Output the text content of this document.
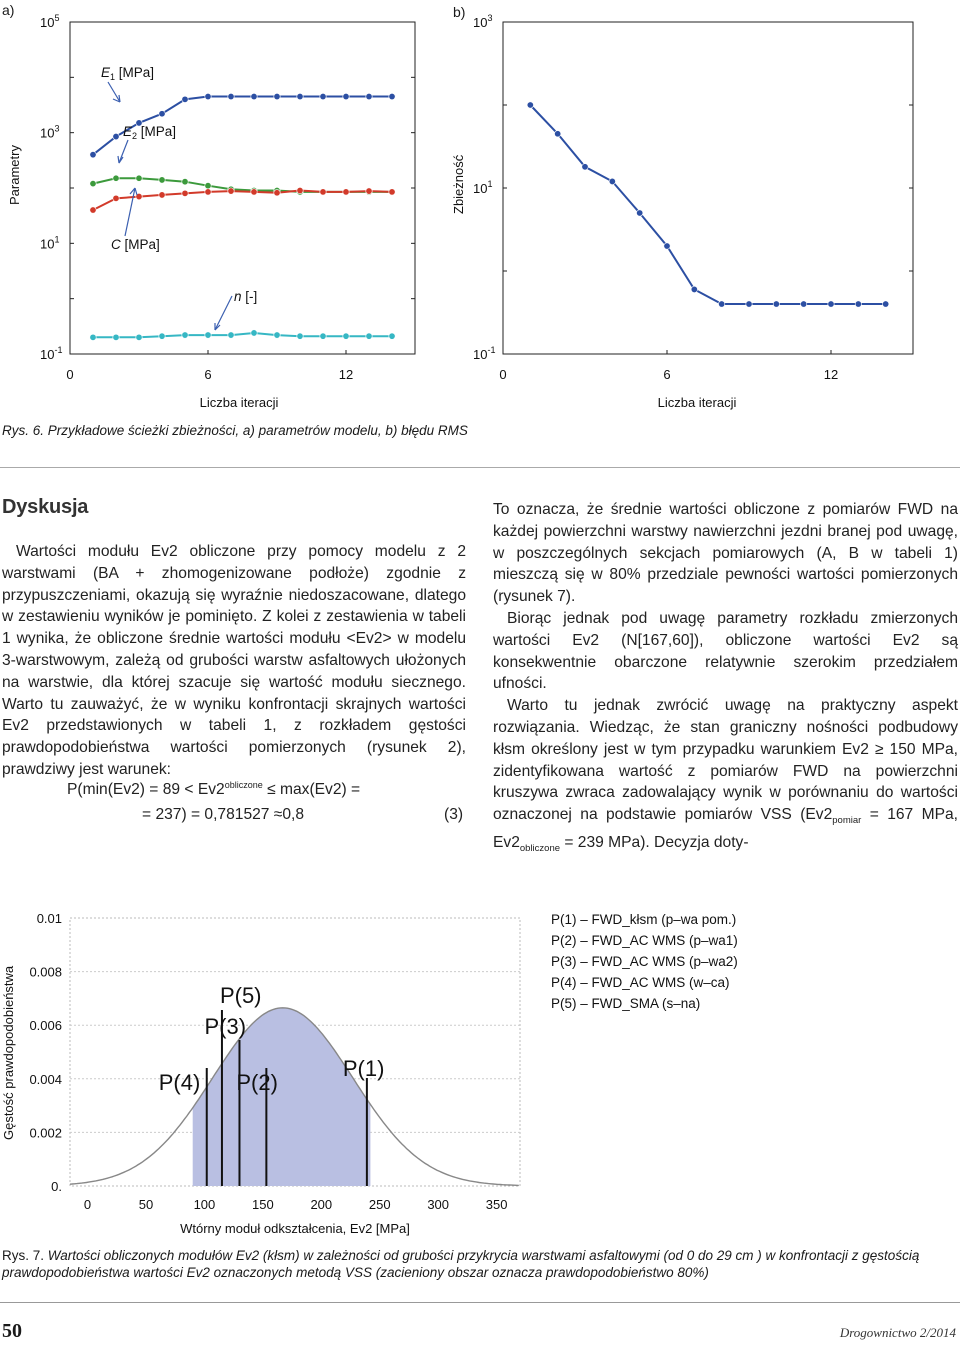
a)	b)
$10^5$
$10^3$
$10^1$
$10^{-1}$
0	6	12
$E_1$ [MPa]
$E_2$ [MPa]
C [MPa]
n [-]
Parametry
Liczba iteracji
$10^3$
$10^1$
$10^{-1}$
0	6	12
Zbieżność
Liczba iteracji
Rys. 6. Przykładowe ścieżki zbieżności, a) parametrów modelu, b) błędu RMS
Dyskusja

Wartości modułu Ev2 obliczone przy pomocy modelu z 2 warstwami (BA + zhomogenizowane podłoże) zgodnie z przypuszczeniami, okazują się wyraźnie niedoszacowane, dlatego w zestawieniu wyników je pominięto. Z kolei z zestawienia w tabeli 1 wynika, że obliczone średnie wartości modułu <Ev2> w modelu 3-warstwowym, zależą od grubości warstw asfaltowych ułożonych na warstwie, dla której szacuje się wartość modułu siecznego. Warto tu zauważyć, że w wyniku konfrontacji skrajnych wartości Ev2 przedstawionych w tabeli 1, z rozkładem gęstości prawdopodobieństwa wartości pomierzonych (rysunek 2), prawdziwy jest warunek:

$P(\min(Ev2) = 89 < Ev2^{obliczone} \le \max(Ev2)$ =
= 237) = 0,781527 ≈0,8	(3)

To oznacza, że średnie wartości obliczone z pomiarów FWD na każdej powierzchni warstwy nawierzchni jezdni branej pod uwagę, w poszczególnych sekcjach pomiarowych (A, B w tabeli 1) mieszczą się w 80% przedziale pewności wartości pomierzonych (rysunek 7).

Biorąc jednak pod uwagę parametry rozkładu zmierzonych wartości Ev2 (N[167,60]), obliczone wartości Ev2 są konsekwentnie obarczone relatywnie szerokim przedziałem ufności.

Warto tu jednak zwrócić uwagę na praktyczny aspekt rozwiązania. Wiedząc, że stan graniczny nośności podbudowy kłsm określony jest w tym przypadku warunkiem Ev2 ≥ 150 MPa, zidentyfikowana wartość z pomiarów FWD na powierzchni kruszywa zwraca zadowalający wynik w porównaniu do wartości oznaczonej na podstawie pomiarów VSS ($Ev2_{pomiar} = 167$ MPa, $Ev2_{obliczone} = 239$ MPa). Decyzja doty-

P(1)
P(2)
P(3)
P(4)
P(5)
0.01
0.008
0.006
0.004
0.002
0.
0	50	100	150	200	250	300	350
Gęstość prawdopodobieństwa
Wtórny moduł odkształcenia, Ev2 [MPa]
P(1) – FWD_kłsm (p–wa pom.)
P(2) – FWD_AC WMS (p–wa1)
P(3) – FWD_AC WMS (p–wa2)
P(4) – FWD_AC WMS (w–ca)
P(5) – FWD_SMA (s–na)
Rys. 7. Wartości obliczonych modułów Ev2 (kłsm) w zależności od grubości przykrycia warstwami asfaltowymi (od 0 do 29 cm ) w konfrontacji z gęstością prawdopodobieństwa wartości Ev2 oznaczonych metodą VSS (zacieniony obszar oznacza prawdopodobieństwo 80%)
50	Drogownictwo 2/2014
